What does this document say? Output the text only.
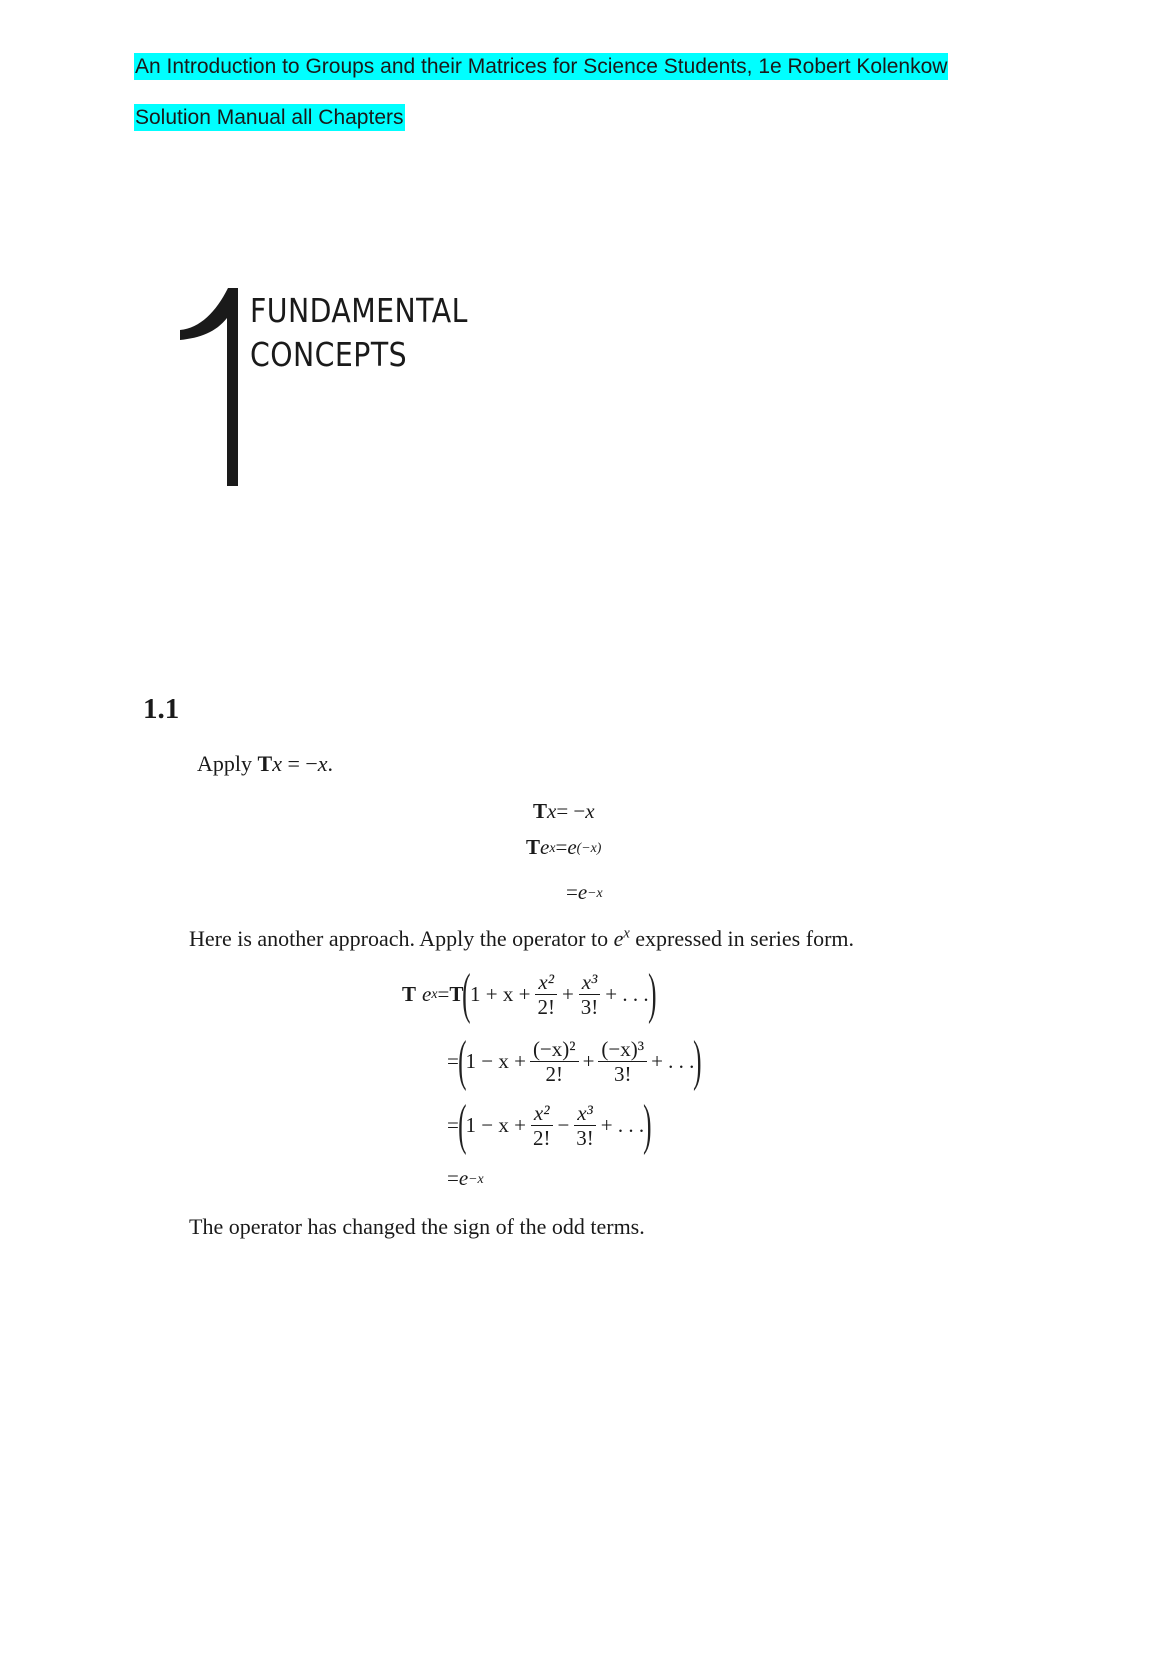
An Introduction to Groups and their Matrices for Science Students, 1e Robert Kolenkow
Solution Manual all Chapters
FUNDAMENTAL
CONCEPTS
1.1
Apply Tx = −x.
T x = − x
T e x = e (−x)
= e −x
Here is another approach. Apply the operator to $e^x$ expressed in series form.
T e x = T ( $1 + x + \frac{\text{x²}}{2!} + \frac{\text{x³}}{3!}$ + . . . )
= ( $1 - x + \frac{\text{(−x)²}}{2!} + \frac{\text{(−x)³}}{3!}$ + . . . )
= ( $1 - x + \frac{\text{x²}}{2!} - \frac{\text{x³}}{3!}$ + . . . )
= e −x
The operator has changed the sign of the odd terms.
